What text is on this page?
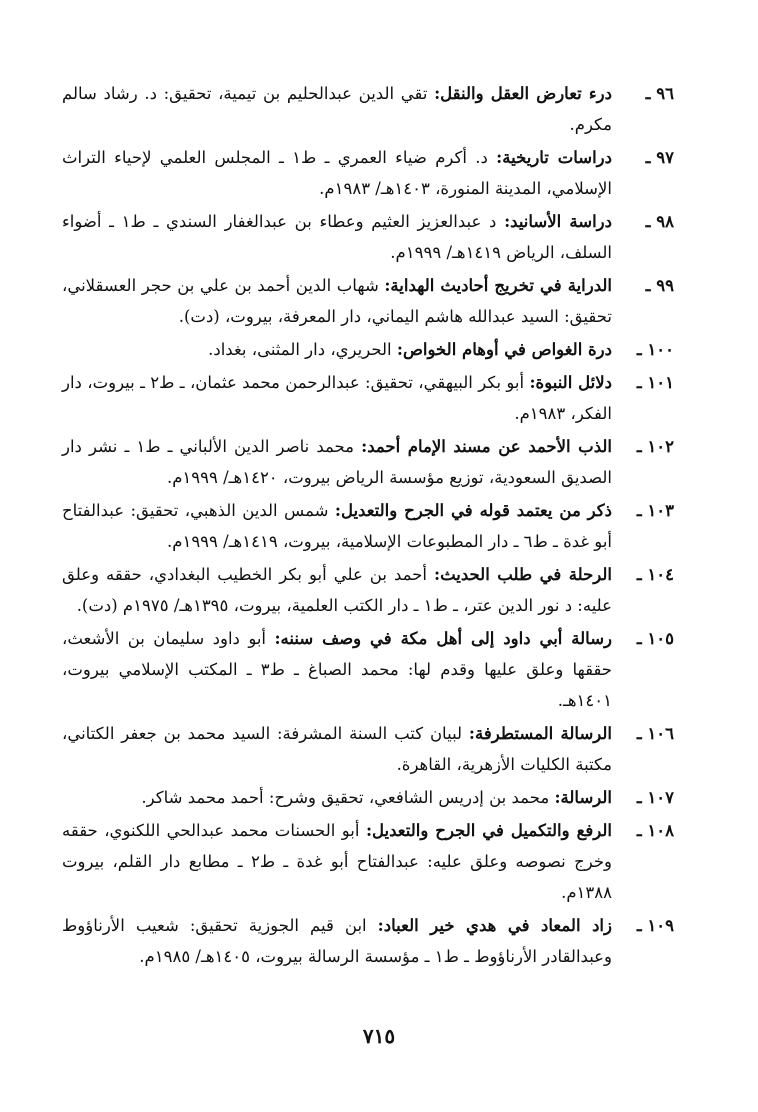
٩٦ ـ
درء تعارض العقل والنقل: تقي الدين عبدالحليم بن تيمية، تحقيق: د. رشاد سالم مكرم.
٩٧ ـ
دراسات تاريخية: د. أكرم ضياء العمري ـ ط١ ـ المجلس العلمي لإحياء التراث الإسلامي، المدينة المنورة، ١٤٠٣هـ/ ١٩٨٣م.
٩٨ ـ
دراسة الأسانيد: د عبدالعزيز العثيم وعطاء بن عبدالغفار السندي ـ ط١ ـ أضواء السلف، الرياض ١٤١٩هـ/ ١٩٩٩م.
٩٩ ـ
الدراية في تخريج أحاديث الهداية: شهاب الدين أحمد بن علي بن حجر العسقلاني، تحقيق: السيد عبدالله هاشم اليماني، دار المعرفة، بيروت، (دت).
١٠٠ ـ
درة الغواص في أوهام الخواص: الحريري، دار المثنى، بغداد.
١٠١ ـ
دلائل النبوة: أبو بكر البيهقي، تحقيق: عبدالرحمن محمد عثمان، ـ ط٢ ـ بيروت، دار الفكر، ١٩٨٣م.
١٠٢ ـ
الذب الأحمد عن مسند الإمام أحمد: محمد ناصر الدين الألباني ـ ط١ ـ نشر دار الصديق السعودية، توزيع مؤسسة الرياض بيروت، ١٤٢٠هـ/ ١٩٩٩م.
١٠٣ ـ
ذكر من يعتمد قوله في الجرح والتعديل: شمس الدين الذهبي، تحقيق: عبدالفتاح أبو غدة ـ ط٦ ـ دار المطبوعات الإسلامية، بيروت، ١٤١٩هـ/ ١٩٩٩م.
١٠٤ ـ
الرحلة في طلب الحديث: أحمد بن علي أبو بكر الخطيب البغدادي، حققه وعلق عليه: د نور الدين عتر، ـ ط١ ـ دار الكتب العلمية، بيروت، ١٣٩٥هـ/ ١٩٧٥م (دت).
١٠٥ ـ
رسالة أبي داود إلى أهل مكة في وصف سننه: أبو داود سليمان بن الأشعث، حققها وعلق عليها وقدم لها: محمد الصباغ ـ ط٣ ـ المكتب الإسلامي بيروت، ١٤٠١هـ.
١٠٦ ـ
الرسالة المستطرفة: لبيان كتب السنة المشرفة: السيد محمد بن جعفر الكتاني، مكتبة الكليات الأزهرية، القاهرة.
١٠٧ ـ
الرسالة: محمد بن إدريس الشافعي، تحقيق وشرح: أحمد محمد شاكر.
١٠٨ ـ
الرفع والتكميل في الجرح والتعديل: أبو الحسنات محمد عبدالحي اللكنوي، حققه وخرج نصوصه وعلق عليه: عبدالفتاح أبو غدة ـ ط٢ ـ مطابع دار القلم، بيروت ١٣٨٨م.
١٠٩ ـ
زاد المعاد في هدي خير العباد: ابن قيم الجوزية تحقيق: شعيب الأرناؤوط وعبدالقادر الأرناؤوط ـ ط١ ـ مؤسسة الرسالة بيروت، ١٤٠٥هـ/ ١٩٨٥م.
٧١٥
